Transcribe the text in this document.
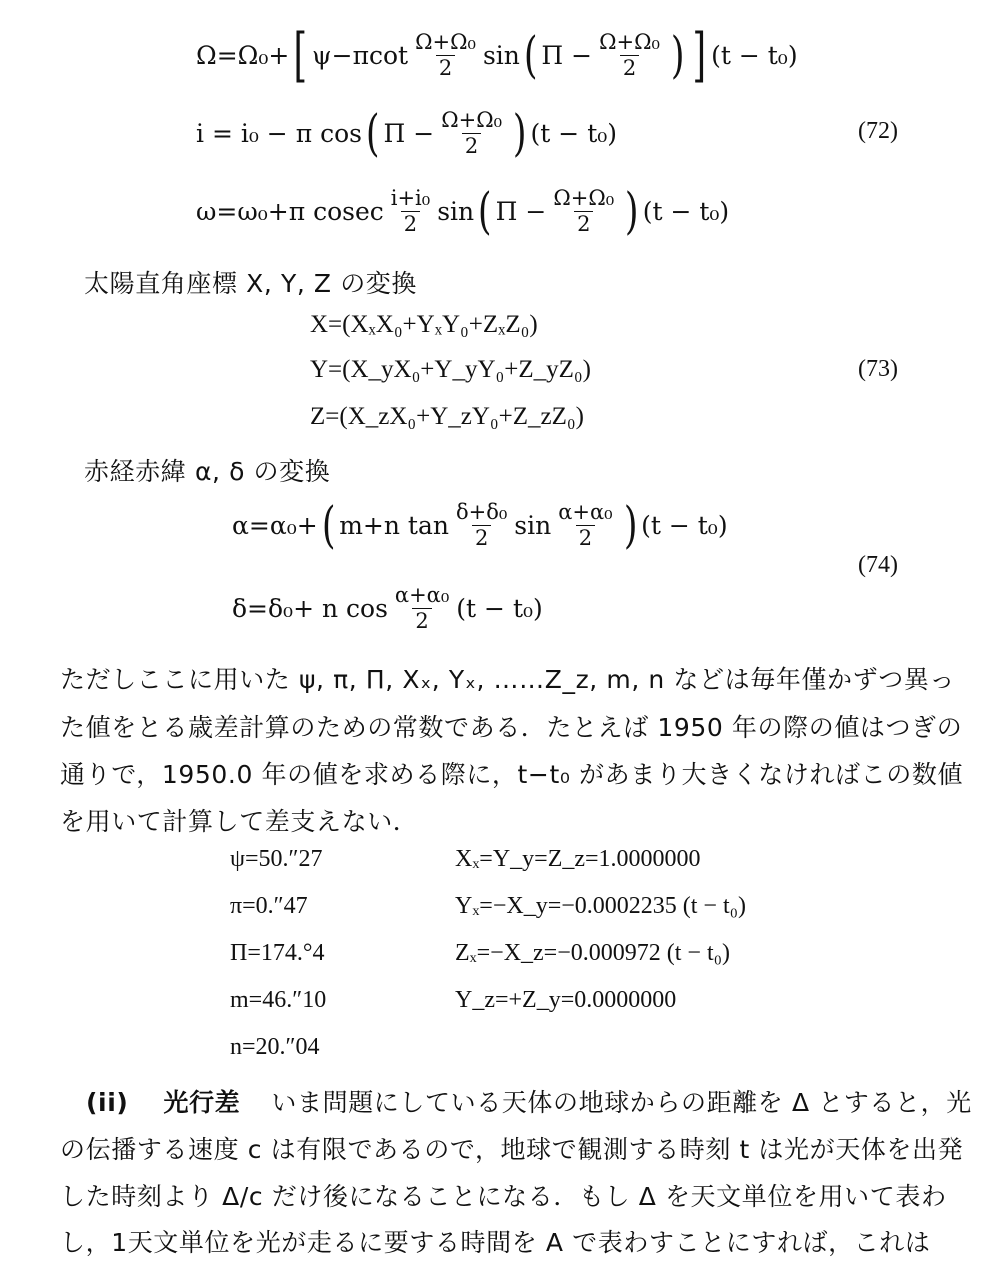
Ω=Ω₀+ [ $\psi-\pi\cot \frac{\text{Ω+Ω₀}}{2}$ sin ( $\Pi - \frac{\text{Ω+Ω₀}}{2}$ ) ] (t − t₀)
i = i₀ − π cos ( $\Pi - \frac{\text{Ω+Ω₀}}{2}$ ) (t − t₀)	(72)
ω=ω₀+π cosec $\frac{\text{i+i₀}}{2}$ sin ( $\Pi - \frac{\text{Ω+Ω₀}}{2}$ ) (t − t₀)
太陽直角座標 X, Y, Z の変換
X=(XₓX₀+YₓY₀+ZₓZ₀)
Y=(X_yX₀+Y_yY₀+Z_yZ₀)	(73)
Z=(X_zX₀+Y_zY₀+Z_zZ₀)
赤経赤緯 α, δ の変換
α=α₀+ ( m+n $\tan \frac{\text{δ+δ₀}}{2}$ $\sin \frac{\text{α+α₀}}{2}$ ) (t − t₀)
(74)
δ=δ₀+ n $\cos \frac{\text{α+α₀}}{2} (t - t_0)$
ただしここに用いた ψ, π, Π, Xₓ, Yₓ, ……Z_z, m, n などは毎年僅かずつ異っ
た値をとる歳差計算のための常数である．たとえば 1950 年の際の値はつぎの
通りで，1950.0 年の値を求める際に，t−t₀ があまり大きくなければこの数値
を用いて計算して差支えない．
ψ=50.″27
π=0.″47
Π=174.°4
m=46.″10
n=20.″04
Xₓ=Y_y=Z_z=1.0000000
Yₓ=−X_y=−0.0002235 (t − t₀)
Zₓ=−X_z=−0.000972 (t − t₀)
Y_z=+Z_y=0.0000000
(ii) 光行差 いま問題にしている天体の地球からの距離を Δ とすると，光
の伝播する速度 c は有限であるので，地球で観測する時刻 t は光が天体を出発
した時刻より Δ/c だけ後になることになる．もし Δ を天文単位を用いて表わ
し，1天文単位を光が走るに要する時間を A で表わすことにすれば，これは
